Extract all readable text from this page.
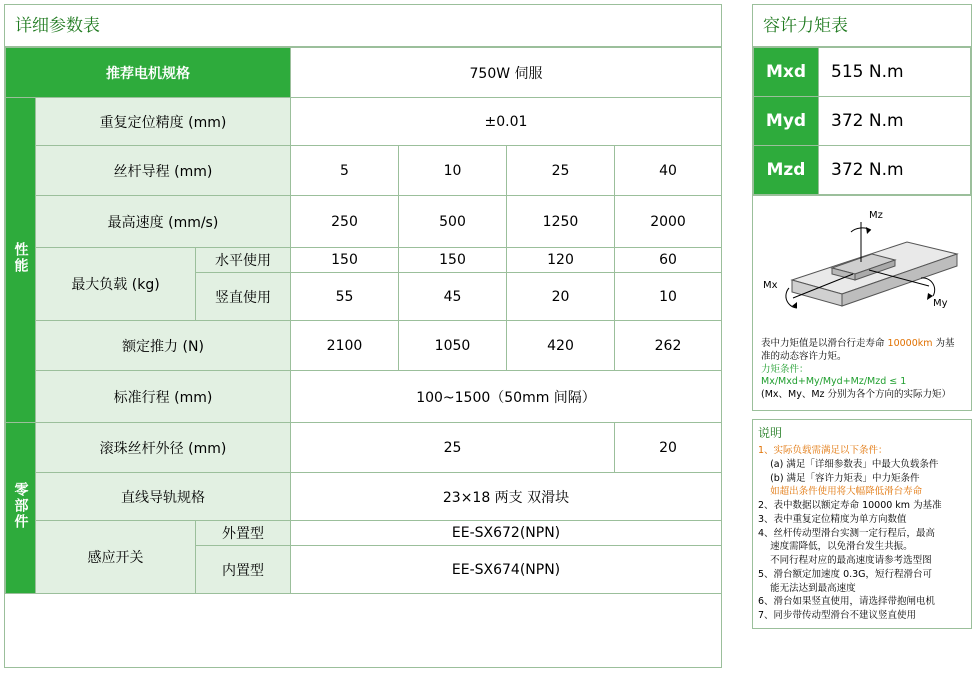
详细参数表
推荐电机规格			750W 伺服			
性能	重复定位精度 (mm)		±0.01			
	丝杆导程 (mm)		5	10	25	40
	最高速度 (mm/s)		250	500	1250	2000
	最大负载 (kg)	水平使用	150	150	120	60
		竖直使用	55	45	20	10
	额定推力 (N)		2100	1050	420	262
	标准行程 (mm)		100~1500（50mm 间隔）			
零部件	滚珠丝杆外径 (mm)		25			20
	直线导轨规格		23×18 两支 双滑块			
	感应开关	外置型	EE-SX672(NPN)			
		内置型	EE-SX674(NPN)			
容许力矩表
Mxd	515 N.m
Myd	372 N.m
Mzd	372 N.m
Mz
Mx
My
表中力矩值是以滑台行走寿命 10000km 为基
准的动态容许力矩。
力矩条件：
Mx/Mxd+My/Myd+Mz/Mzd ≤ 1
(Mx、My、Mz 分别为各个方向的实际力矩）
说明
1、实际负载需满足以下条件：
(a) 满足「详细参数表」中最大负载条件
(b) 满足「容许力矩表」中力矩条件
如超出条件使用将大幅降低滑台寿命
2、表中数据以额定寿命 10000 km 为基准
3、表中重复定位精度为单方向数值
4、丝杆传动型滑台实测一定行程后，最高
速度需降低，以免滑台发生共振。
不同行程对应的最高速度请参考选型图
5、滑台额定加速度 0.3G，短行程滑台可
能无法达到最高速度
6、滑台如果竖直使用，请选择带抱闸电机
7、同步带传动型滑台不建议竖直使用
